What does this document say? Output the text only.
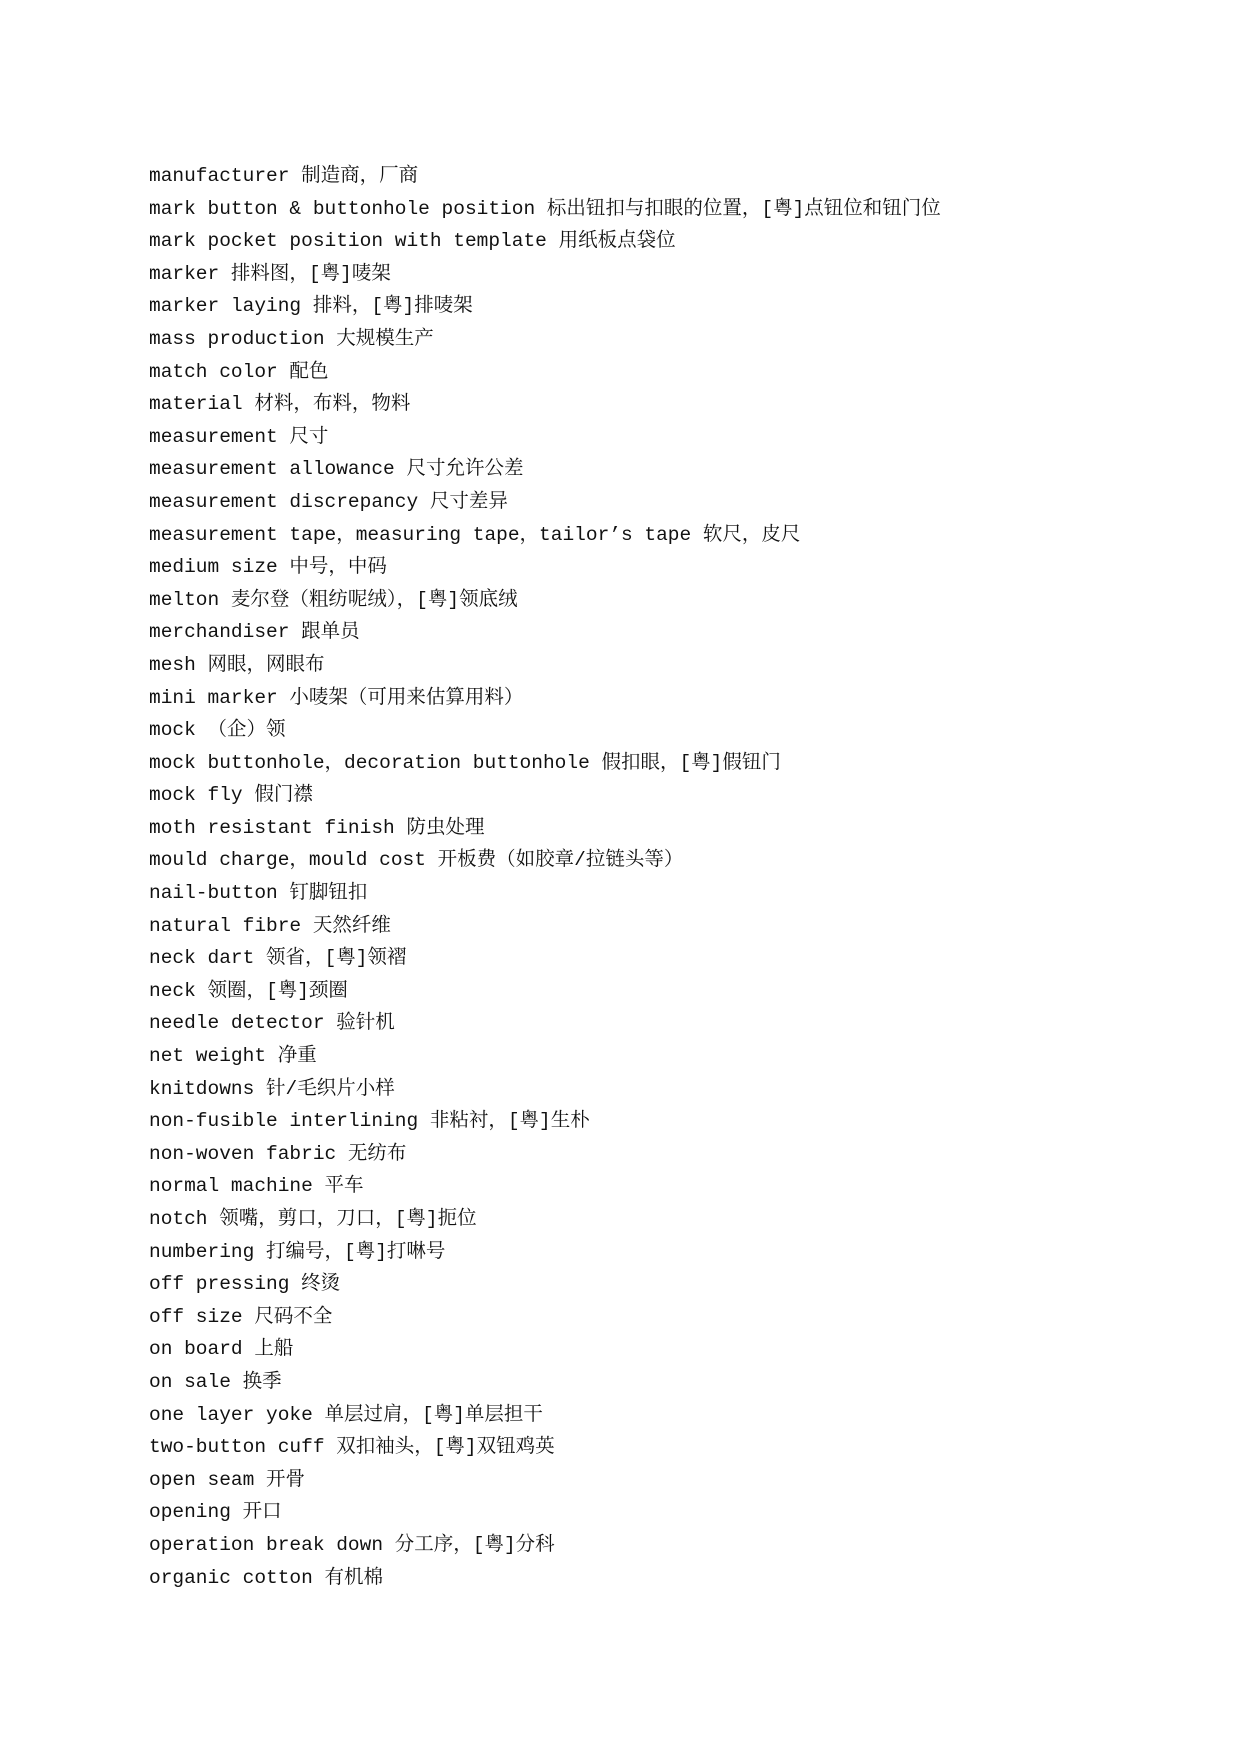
manufacturer 制造商，厂商
mark button & buttonhole position 标出钮扣与扣眼的位置，[粤]点钮位和钮门位
mark pocket position with template 用纸板点袋位
marker 排料图，[粤]唛架
marker laying 排料，[粤]排唛架
mass production 大规模生产
match color 配色
material 材料，布料，物料
measurement 尺寸
measurement allowance 尺寸允许公差
measurement discrepancy 尺寸差异
measurement tape，measuring tape，tailor’s tape 软尺，皮尺
medium size 中号，中码
melton 麦尔登（粗纺呢绒），[粤]领底绒
merchandiser 跟单员
mesh 网眼，网眼布
mini marker 小唛架（可用来估算用料）
mock （企）领
mock buttonhole，decoration buttonhole 假扣眼，[粤]假钮门
mock fly 假门襟
moth resistant finish 防虫处理
mould charge，mould cost 开板费（如胶章/拉链头等）
nail-button 钉脚钮扣
natural fibre 天然纤维
neck dart 领省，[粤]领褶
neck 领圈，[粤]颈圈
needle detector 验针机
net weight 净重
knitdowns 针/毛织片小样
non-fusible interlining 非粘衬，[粤]生朴
non-woven fabric 无纺布
normal machine 平车
notch 领嘴，剪口，刀口，[粤]扼位
numbering 打编号，[粤]打啉号
off pressing 终烫
off size 尺码不全
on board 上船
on sale 换季
one layer yoke 单层过肩，[粤]单层担干
two-button cuff 双扣袖头，[粤]双钮鸡英
open seam 开骨
opening 开口
operation break down 分工序，[粤]分科
organic cotton 有机棉
